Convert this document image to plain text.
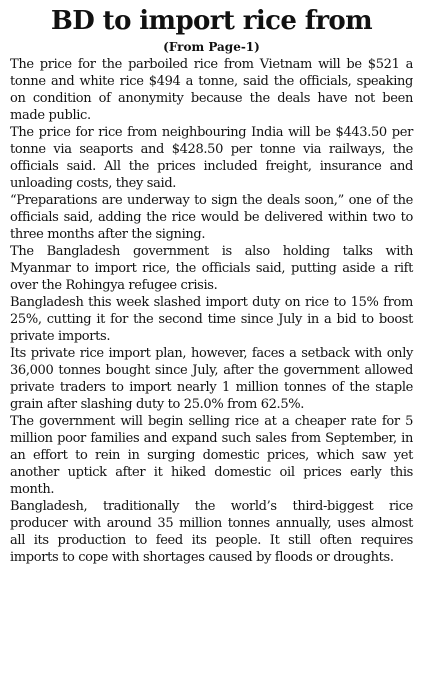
BD to import rice from
(From Page-1)

The price for the parboiled rice from Vietnam will be $521 a tonne and white rice $494 a tonne, said the officials, speaking on condition of anonymity because the deals have not been made public.

The price for rice from neighbouring India will be $443.50 per tonne via seaports and $428.50 per tonne via railways, the officials said. All the prices included freight, insurance and unloading costs, they said.

“Preparations are underway to sign the deals soon,” one of the officials said, adding the rice would be delivered within two to three months after the signing.

The Bangladesh government is also holding talks with Myanmar to import rice, the officials said, putting aside a rift over the Rohingya refugee crisis.

Bangladesh this week slashed import duty on rice to 15% from 25%, cutting it for the second time since July in a bid to boost private imports.

Its private rice import plan, however, faces a setback with only 36,000 tonnes bought since July, after the government allowed private traders to import nearly 1 million tonnes of the staple grain after slashing duty to 25.0% from 62.5%.

The government will begin selling rice at a cheaper rate for 5 million poor families and expand such sales from September, in an effort to rein in surging domestic prices, which saw yet another uptick after it hiked domestic oil prices early this month.

Bangladesh, traditionally the world’s third-biggest rice producer with around 35 million tonnes annually, uses almost all its production to feed its people. It still often requires imports to cope with shortages caused by floods or droughts.
